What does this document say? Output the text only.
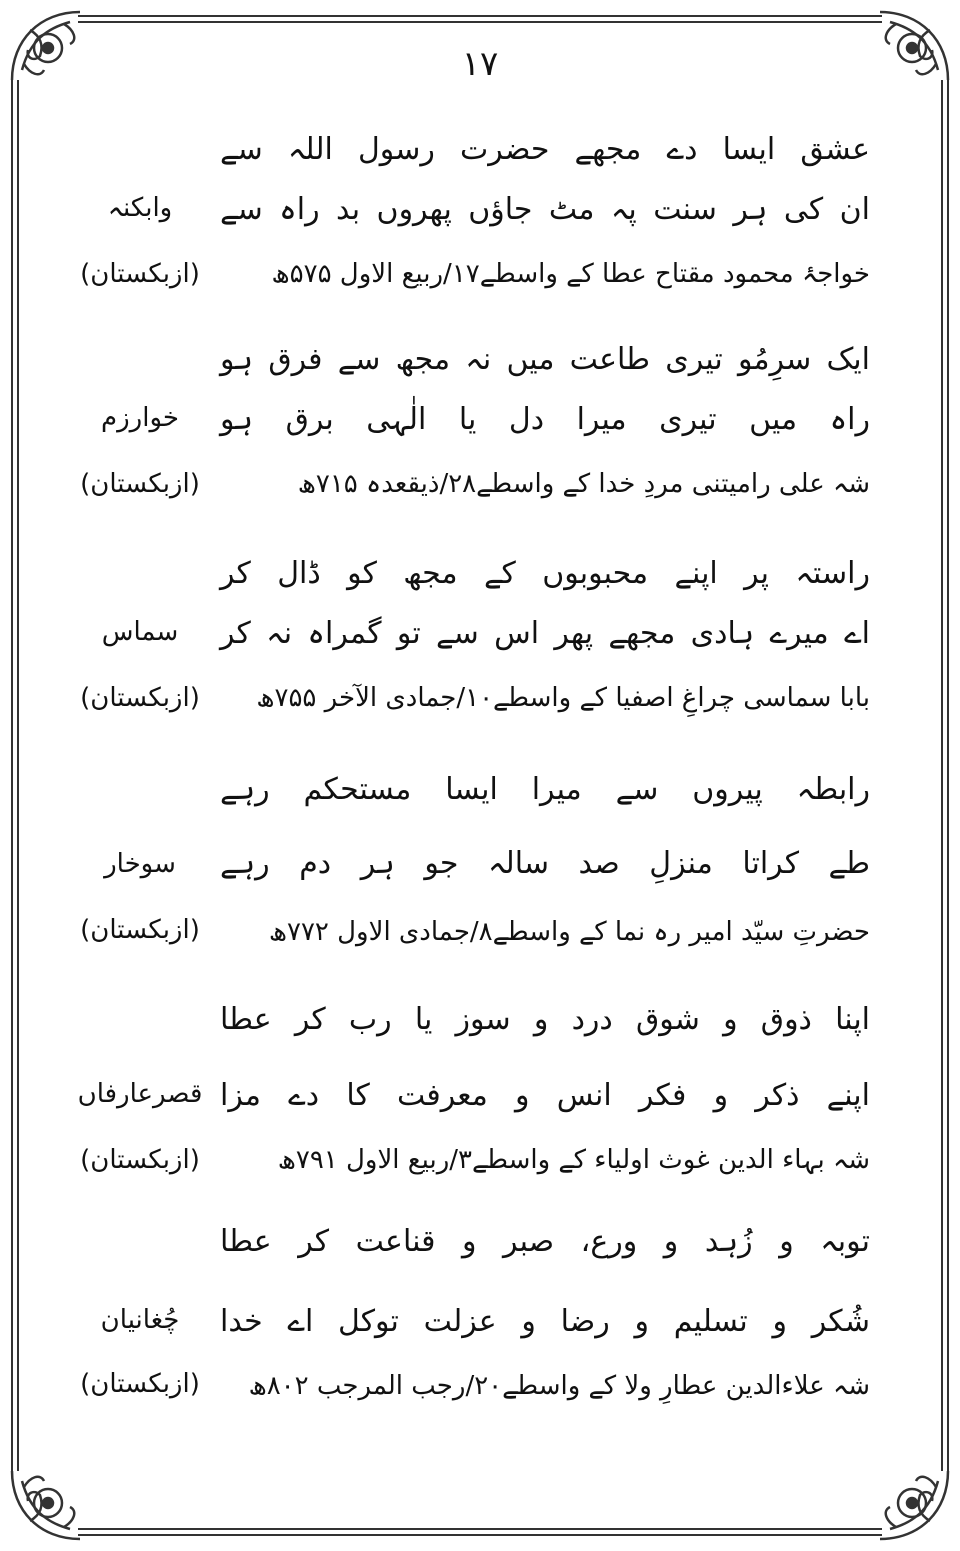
۱۷
عشق ایسا دے مجھے حضرت رسول اللہ سے
ان کی ہر سنت پہ مٹ جاؤں پھروں بد راہ سے
خواجۂ محمود مقتاح عطا کے واسطے۱۷/ربیع الاول ۵۷۵ھ
وابکنہ
(ازبکستان)
ایک سرِمُو تیری طاعت میں نہ مجھ سے فرق ہو
راہ میں تیری میرا دل یا الٰہی برق ہو
شہ علی رامیتنی مردِ خدا کے واسطے۲۸/ذیقعدہ ۷۱۵ھ
خوارزم
(ازبکستان)
راستہ پر اپنے محبوبوں کے مجھ کو ڈال کر
اے میرے ہادی مجھے پھر اس سے تو گمراہ نہ کر
بابا سماسی چراغِ اصفیا کے واسطے۱۰/جمادی الآخر ۷۵۵ھ
سماس
(ازبکستان)
رابطہ پیروں سے میرا ایسا مستحکم رہے
طے کراتا منزلِ صد سالہ جو ہر دم رہے
حضرتِ سیّد امیر رہ نما کے واسطے۸/جمادی الاول ۷۷۲ھ
سوخار
(ازبکستان)
اپنا ذوق و شوق درد و سوز یا رب کر عطا
اپنے ذکر و فکر انس و معرفت کا دے مزا
شہ بہاء الدین غوث اولیاء کے واسطے۳/ربیع الاول ۷۹۱ھ
قصرعارفاں
(ازبکستان)
توبہ و زُہد و ورع، صبر و قناعت کر عطا
شُکر و تسلیم و رضا و عزلت توکل اے خدا
شہ علاءالدین عطارِ ولا کے واسطے۲۰/رجب المرجب ۸۰۲ھ
چُغانیان
(ازبکستان)
